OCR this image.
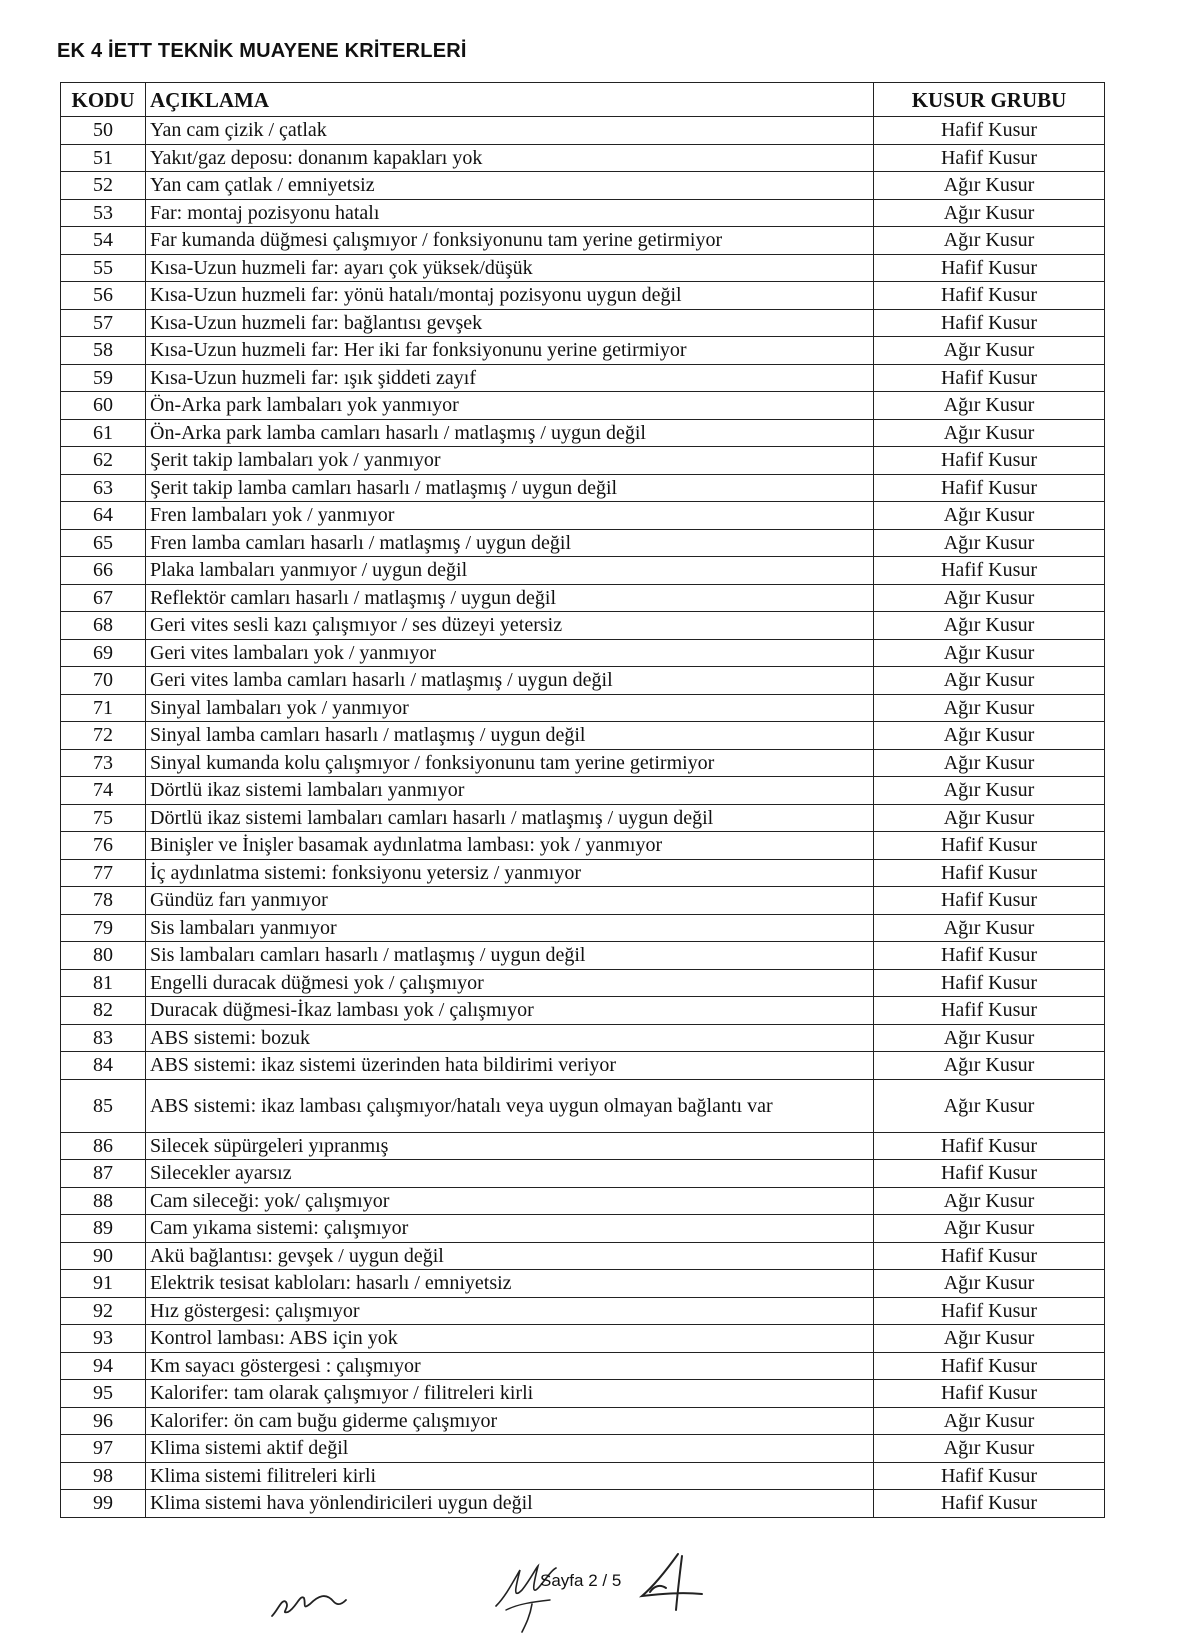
EK 4 İETT TEKNİK MUAYENE KRİTERLERİ
KODU	AÇIKLAMA	KUSUR GRUBU
50	Yan cam çizik / çatlak	Hafif Kusur
51	Yakıt/gaz deposu: donanım kapakları yok	Hafif Kusur
52	Yan cam çatlak / emniyetsiz	Ağır Kusur
53	Far: montaj pozisyonu hatalı	Ağır Kusur
54	Far kumanda düğmesi çalışmıyor / fonksiyonunu tam yerine getirmiyor	Ağır Kusur
55	Kısa-Uzun huzmeli far: ayarı çok yüksek/düşük	Hafif Kusur
56	Kısa-Uzun huzmeli far: yönü hatalı/montaj pozisyonu uygun değil	Hafif Kusur
57	Kısa-Uzun huzmeli far: bağlantısı gevşek	Hafif Kusur
58	Kısa-Uzun huzmeli far: Her iki far fonksiyonunu yerine getirmiyor	Ağır Kusur
59	Kısa-Uzun huzmeli far: ışık şiddeti zayıf	Hafif Kusur
60	Ön-Arka park lambaları yok yanmıyor	Ağır Kusur
61	Ön-Arka park lamba camları hasarlı / matlaşmış / uygun değil	Ağır Kusur
62	Şerit takip lambaları yok / yanmıyor	Hafif Kusur
63	Şerit takip lamba camları hasarlı / matlaşmış / uygun değil	Hafif Kusur
64	Fren lambaları yok / yanmıyor	Ağır Kusur
65	Fren lamba camları hasarlı / matlaşmış / uygun değil	Ağır Kusur
66	Plaka lambaları yanmıyor / uygun değil	Hafif Kusur
67	Reflektör camları hasarlı / matlaşmış / uygun değil	Ağır Kusur
68	Geri vites sesli kazı çalışmıyor / ses düzeyi yetersiz	Ağır Kusur
69	Geri vites lambaları yok / yanmıyor	Ağır Kusur
70	Geri vites lamba camları hasarlı / matlaşmış / uygun değil	Ağır Kusur
71	Sinyal lambaları yok / yanmıyor	Ağır Kusur
72	Sinyal lamba camları hasarlı / matlaşmış / uygun değil	Ağır Kusur
73	Sinyal kumanda kolu çalışmıyor / fonksiyonunu tam yerine getirmiyor	Ağır Kusur
74	Dörtlü ikaz sistemi lambaları yanmıyor	Ağır Kusur
75	Dörtlü ikaz sistemi lambaları camları hasarlı / matlaşmış / uygun değil	Ağır Kusur
76	Binişler ve İnişler basamak aydınlatma lambası: yok / yanmıyor	Hafif Kusur
77	İç aydınlatma sistemi: fonksiyonu yetersiz / yanmıyor	Hafif Kusur
78	Gündüz farı yanmıyor	Hafif Kusur
79	Sis lambaları yanmıyor	Ağır Kusur
80	Sis lambaları camları hasarlı / matlaşmış / uygun değil	Hafif Kusur
81	Engelli duracak düğmesi yok / çalışmıyor	Hafif Kusur
82	Duracak düğmesi-İkaz lambası yok / çalışmıyor	Hafif Kusur
83	ABS sistemi: bozuk	Ağır Kusur
84	ABS sistemi: ikaz sistemi üzerinden hata bildirimi veriyor	Ağır Kusur
85	ABS sistemi: ikaz lambası çalışmıyor/hatalı veya uygun olmayan bağlantı var	Ağır Kusur
86	Silecek süpürgeleri yıpranmış	Hafif Kusur
87	Silecekler ayarsız	Hafif Kusur
88	Cam sileceği: yok/ çalışmıyor	Ağır Kusur
89	Cam yıkama sistemi: çalışmıyor	Ağır Kusur
90	Akü bağlantısı: gevşek / uygun değil	Hafif Kusur
91	Elektrik tesisat kabloları: hasarlı / emniyetsiz	Ağır Kusur
92	Hız göstergesi: çalışmıyor	Hafif Kusur
93	Kontrol lambası: ABS için yok	Ağır Kusur
94	Km sayacı göstergesi : çalışmıyor	Hafif Kusur
95	Kalorifer: tam olarak çalışmıyor / filitreleri kirli	Hafif Kusur
96	Kalorifer: ön cam buğu giderme çalışmıyor	Ağır Kusur
97	Klima sistemi aktif değil	Ağır Kusur
98	Klima sistemi filitreleri kirli	Hafif Kusur
99	Klima sistemi hava yönlendiricileri uygun değil	Hafif Kusur
Sayfa 2 / 5
